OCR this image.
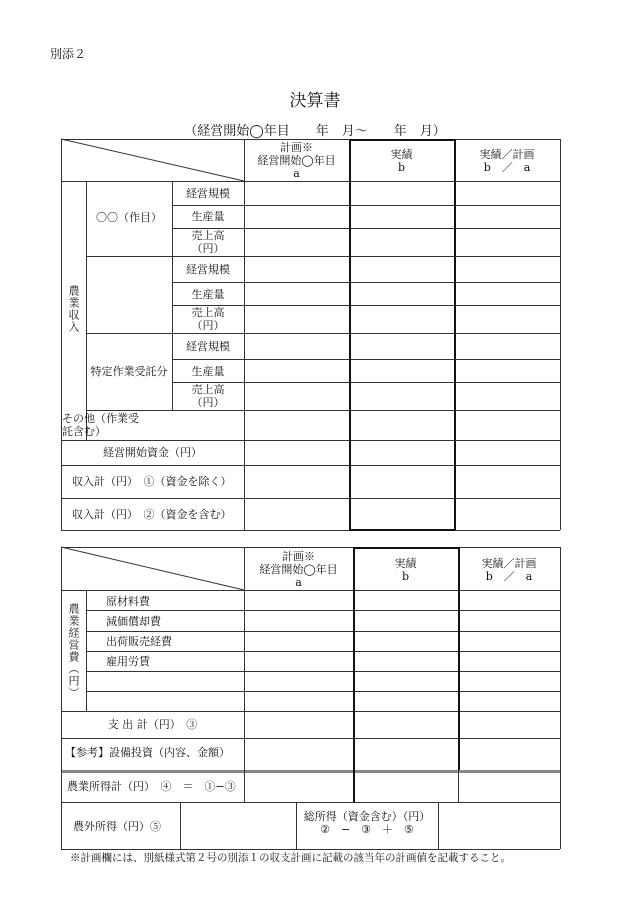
別添２
決算書
（経営開始◯年目　　年　月～　　年　月）
計画※
経営開始◯年目
a
実績
b
実績／計画
b　／　a
農業収入
〇〇（作目）
特定作業受託分
その他（作業受
託含む）
経営規模
生産量
売上高
（円）
経営規模
生産量
売上高
（円）
経営規模
生産量
売上高
（円）
経営開始資金（円）
収入計（円）　①（資金を除く）
収入計（円）　②（資金を含む）
計画※
経営開始◯年目
a
実績
b
実績／計画
b　／　a
農業経営費（円）
原材料費
減価償却費
出荷販売経費
雇用労賃
支 出 計（円）　③
【参考】設備投資（内容、金額）
農業所得計（円）　④　＝　①−③
農外所得（円）⑤
総所得（資金含む）（円）
②　−　③　＋　⑤
※計画欄には、別紙様式第２号の別添１の収支計画に記載の該当年の計画値を記載すること。
